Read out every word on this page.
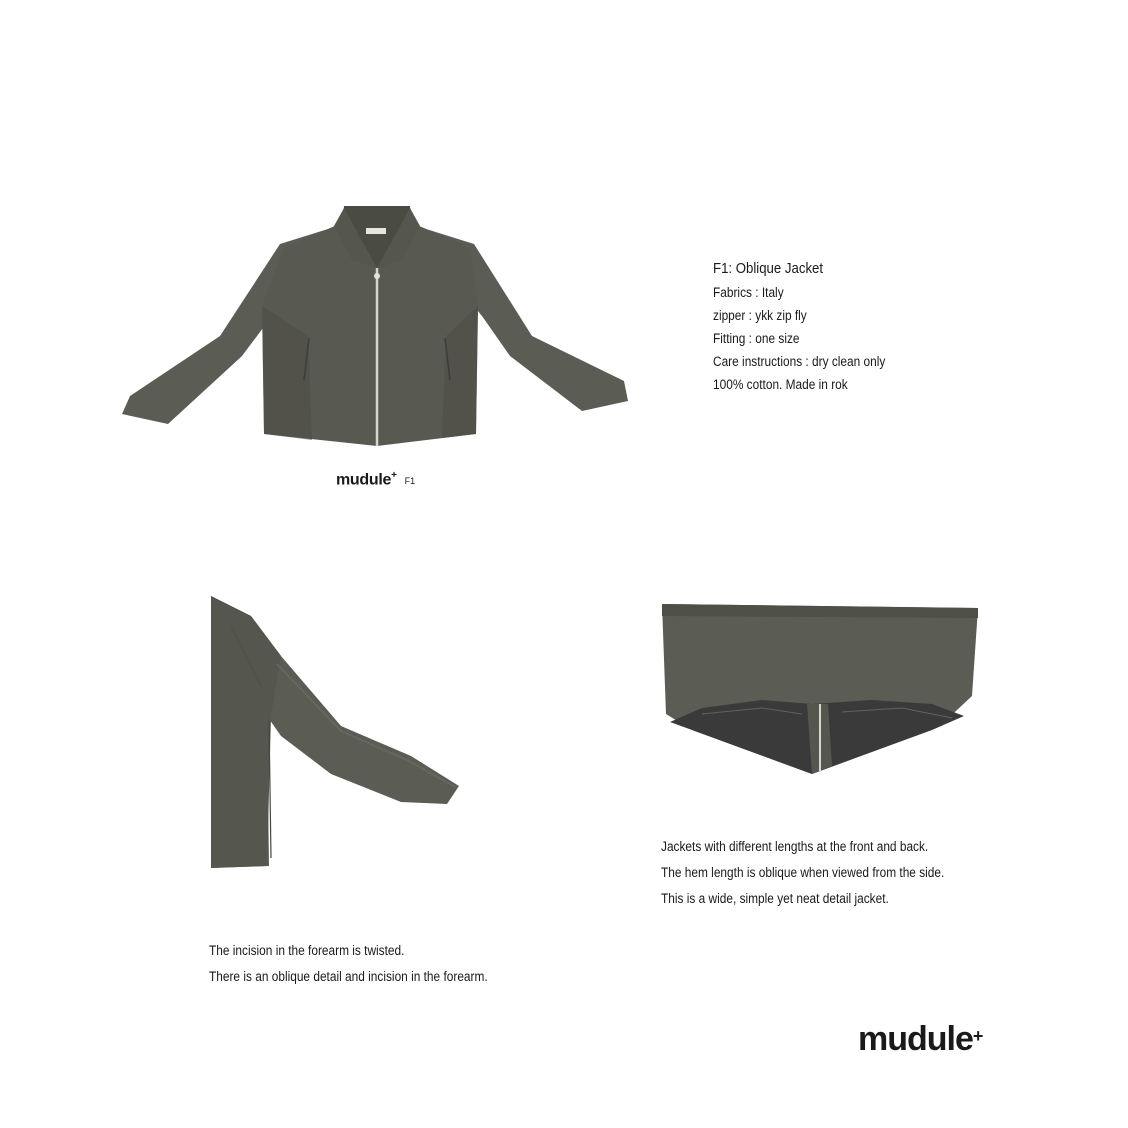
mudule+
F1

F1: Oblique Jacket

Fabrics : Italy

zipper : ykk zip fly

Fitting : one size

Care instructions : dry clean only

100% cotton. Made in rok

The incision in the forearm is twisted.

There is an oblique detail and incision in the forearm.

Jackets with different lengths at the front and back.

The hem length is oblique when viewed from the side.

This is a wide, simple yet neat detail jacket.

mudule+
